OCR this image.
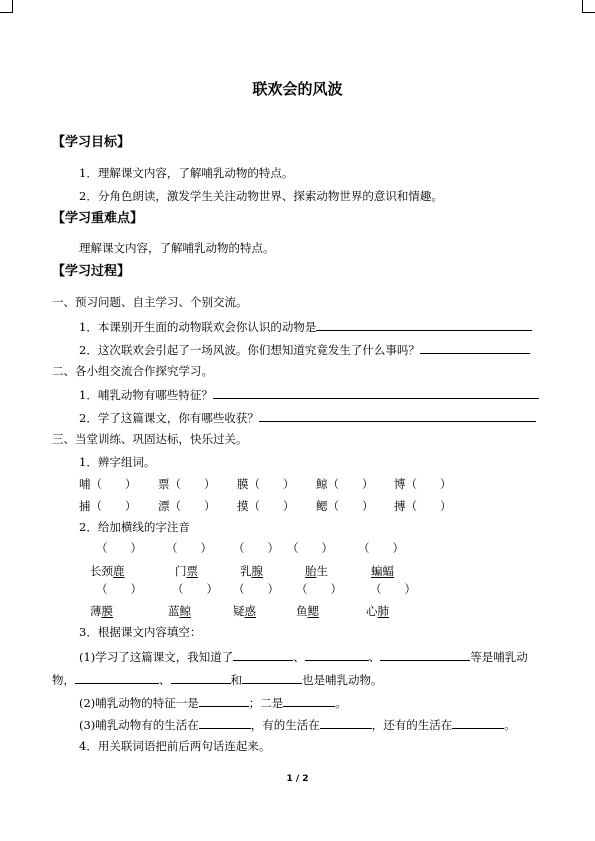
联欢会的风波
【学习目标】
1．理解课文内容，了解哺乳动物的特点。
2．分角色朗读，激发学生关注动物世界、探索动物世界的意识和情趣。
【学习重难点】
理解课文内容，了解哺乳动物的特点。
【学习过程】
一、预习问题、自主学习、个别交流。
1．本课别开生面的动物联欢会你认识的动物是
2．这次联欢会引起了一场风波。你们想知道究竟发生了什么事吗？
二、各小组交流合作探究学习。
1．哺乳动物有哪些特征？
2．学了这篇课文，你有哪些收获？
三、当堂训练、巩固达标，快乐过关。
1．辨字组词。
哺（　　） 票（　　） 膜（　　） 鲸（　　） 博（　　）
捕（　　） 漂（　　） 摸（　　） 鳃（　　） 搏（　　）
2．给加横线的字注音
（　　） （　　） （　　） （　　） （　　）
长颈鹿	门票　	乳腺	胎生	蝙蝠
（　　）	（　　） （　　） （　　） （　　）
薄膜	蓝鲸	疑惑	鱼鳃	心肺
3．根据课文内容填空：
(1)学习了这篇课文，我知道了	、	、	等是哺乳动
物，	、	和	也是哺乳动物。
(2)哺乳动物的特征一是	；二是	。
(3)哺乳动物有的生活在	，有的生活在	，还有的生活在	。
4．用关联词语把前后两句话连起来。
1 / 2
